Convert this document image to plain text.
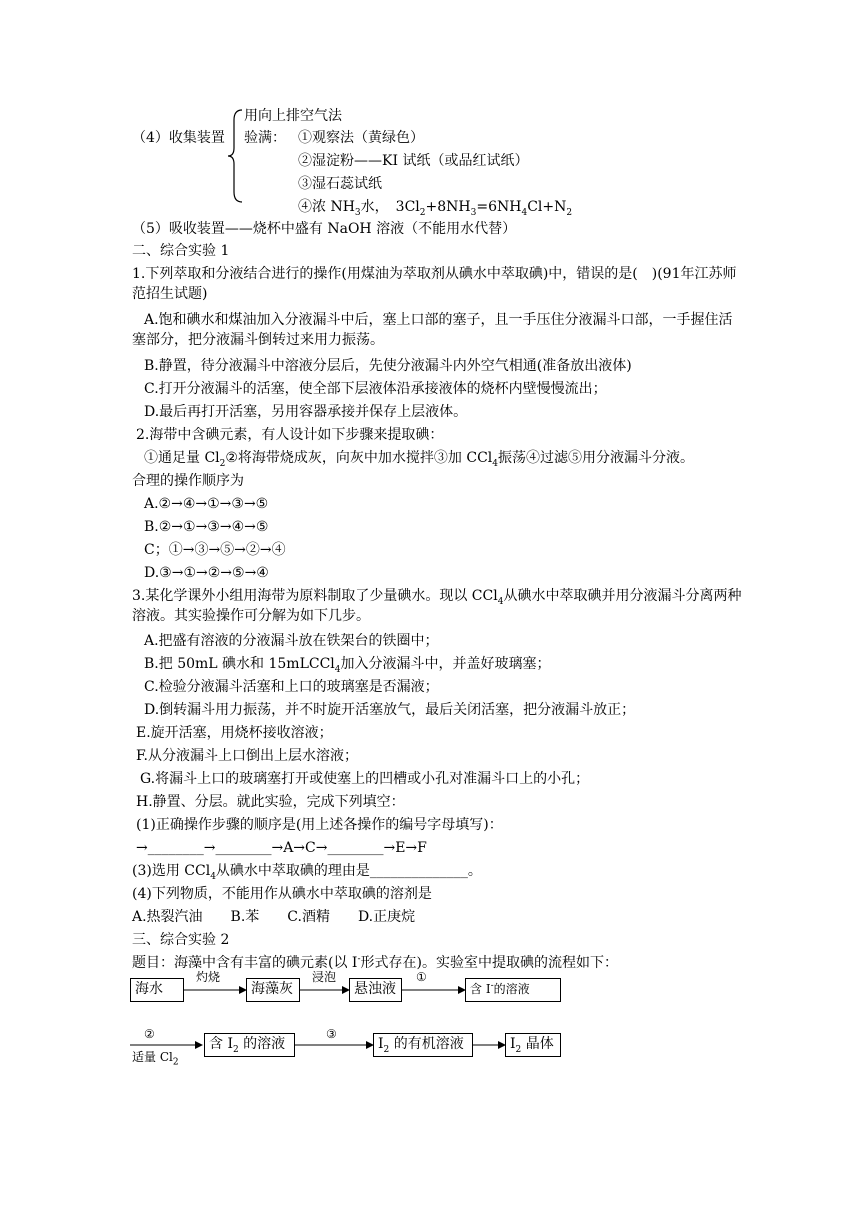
（4）收集装置
用向上排空气法
验满： ①观察法（黄绿色）
②湿淀粉——KI 试纸（或品红试纸）
③湿石蕊试纸
④浓 $NH_3$水，　$3Cl_2+8NH_3=6NH_4Cl+N_2$
（5）吸收装置——烧杯中盛有 NaOH 溶液（不能用水代替）
二、综合实验 1
1.下列萃取和分液结合进行的操作(用煤油为萃取剂从碘水中萃取碘)中，错误的是(　)(91年江苏师范招生试题)
A.饱和碘水和煤油加入分液漏斗中后，塞上口部的塞子，且一手压住分液漏斗口部，一手握住活塞部分，把分液漏斗倒转过来用力振荡。
B.静置，待分液漏斗中溶液分层后，先使分液漏斗内外空气相通(准备放出液体)
C.打开分液漏斗的活塞，使全部下层液体沿承接液体的烧杯内壁慢慢流出；
D.最后再打开活塞，另用容器承接并保存上层液体。
2.海带中含碘元素，有人设计如下步骤来提取碘：
①通足量 $Cl_2②$将海带烧成灰，向灰中加水搅拌③加 CCl$_4$振荡④过滤⑤用分液漏斗分液。
合理的操作顺序为
A.②→④→①→③→⑤
B.②→①→③→④→⑤
C；①→③→⑤→②→④
D.③→①→②→⑤→④
3.某化学课外小组用海带为原料制取了少量碘水。现以 CCl$_4$从碘水中萃取碘并用分液漏斗分离两种溶液。其实验操作可分解为如下几步。
A.把盛有溶液的分液漏斗放在铁架台的铁圈中；
B.把 50mL 碘水和 15mLCCl$_4$加入分液漏斗中，并盖好玻璃塞；
C.检验分液漏斗活塞和上口的玻璃塞是否漏液；
D.倒转漏斗用力振荡，并不时旋开活塞放气，最后关闭活塞，把分液漏斗放正；
E.旋开活塞，用烧杯接收溶液；
F.从分液漏斗上口倒出上层水溶液；
G.将漏斗上口的玻璃塞打开或使塞上的凹槽或小孔对准漏斗口上的小孔；
H.静置、分层。就此实验，完成下列填空：
(1)正确操作步骤的顺序是(用上述各操作的编号字母填写)：
→________→________→A→C→________→E→F
(3)选用 CCl$_4$从碘水中萃取碘的理由是______________。
(4)下列物质，不能用作从碘水中萃取碘的溶剂是
A.热裂汽油　　B.苯　　C.酒精　　D.正庚烷
三、综合实验 2
题目：海藻中含有丰富的碘元素(以 I-形式存在)。实验室中提取碘的流程如下：
海水
灼烧
海藻灰
浸泡
悬浊液
①
含 I-的溶液
②
适量 $Cl_2$
含 $I_2$ 的溶液
③
$I_2$ 的有机溶液	$I_2$ 晶体
